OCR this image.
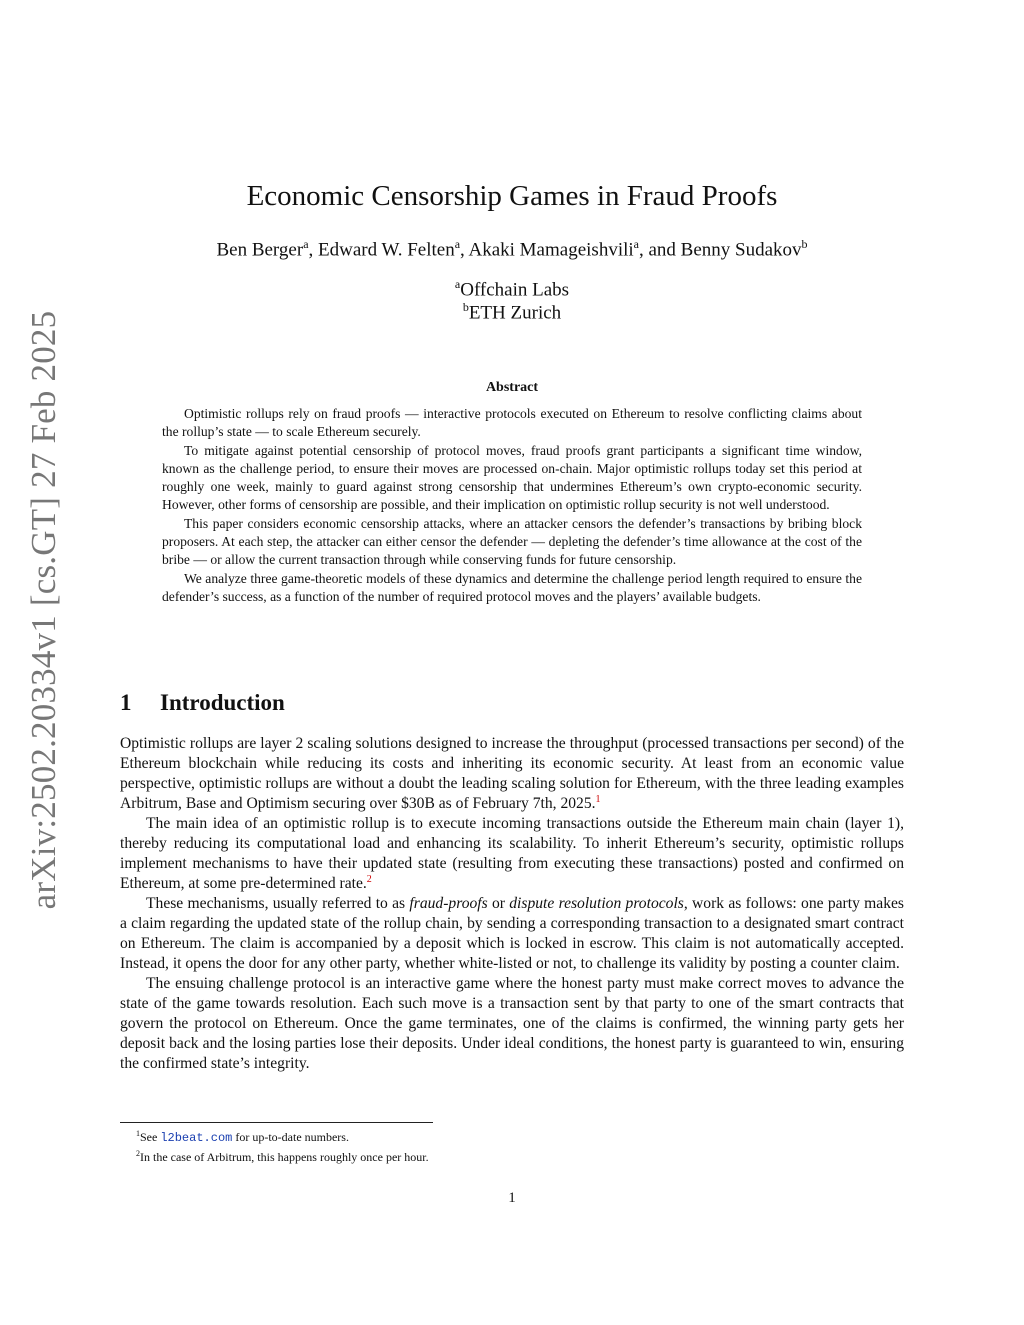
arXiv:2502.20334v1 [cs.GT] 27 Feb 2025
Economic Censorship Games in Fraud Proofs
Ben Berger$^a$, Edward W. Felten$^a$, Akaki Mamageishvili$^a$, and Benny Sudakov$^b$
$^a$Offchain Labs
$^b$ETH Zurich
Abstract

Optimistic rollups rely on fraud proofs — interactive protocols executed on Ethereum to resolve conflicting claims about the rollup’s state — to scale Ethereum securely.

To mitigate against potential censorship of protocol moves, fraud proofs grant participants a significant time window, known as the challenge period, to ensure their moves are processed on-chain. Major optimistic rollups today set this period at roughly one week, mainly to guard against strong censorship that undermines Ethereum’s own crypto-economic security. However, other forms of censorship are possible, and their implication on optimistic rollup security is not well understood.

This paper considers economic censorship attacks, where an attacker censors the defender’s transactions by bribing block proposers. At each step, the attacker can either censor the defender — depleting the defender’s time allowance at the cost of the bribe — or allow the current transaction through while conserving funds for future censorship.

We analyze three game-theoretic models of these dynamics and determine the challenge period length required to ensure the defender’s success, as a function of the number of required protocol moves and the players’ available budgets.

1 Introduction

Optimistic rollups are layer 2 scaling solutions designed to increase the throughput (processed transactions per second) of the Ethereum blockchain while reducing its costs and inheriting its economic security. At least from an economic value perspective, optimistic rollups are without a doubt the leading scaling solution for Ethereum, with the three leading examples Arbitrum, Base and Optimism securing over $30B as of February 7th, 2025.$^1$

The main idea of an optimistic rollup is to execute incoming transactions outside the Ethereum main chain (layer 1), thereby reducing its computational load and enhancing its scalability. To inherit Ethereum’s security, optimistic rollups implement mechanisms to have their updated state (resulting from executing these transactions) posted and confirmed on Ethereum, at some pre-determined rate.$^2$

These mechanisms, usually referred to as fraud-proofs or dispute resolution protocols, work as follows: one party makes a claim regarding the updated state of the rollup chain, by sending a corresponding transaction to a designated smart contract on Ethereum. The claim is accompanied by a deposit which is locked in escrow. This claim is not automatically accepted. Instead, it opens the door for any other party, whether white-listed or not, to challenge its validity by posting a counter claim.

The ensuing challenge protocol is an interactive game where the honest party must make correct moves to advance the state of the game towards resolution. Each such move is a transaction sent by that party to one of the smart contracts that govern the protocol on Ethereum. Once the game terminates, one of the claims is confirmed, the winning party gets her deposit back and the losing parties lose their deposits. Under ideal conditions, the honest party is guaranteed to win, ensuring the confirmed state’s integrity.

$^1$See l2beat.com for up-to-date numbers.
$^2$In the case of Arbitrum, this happens roughly once per hour.
1
